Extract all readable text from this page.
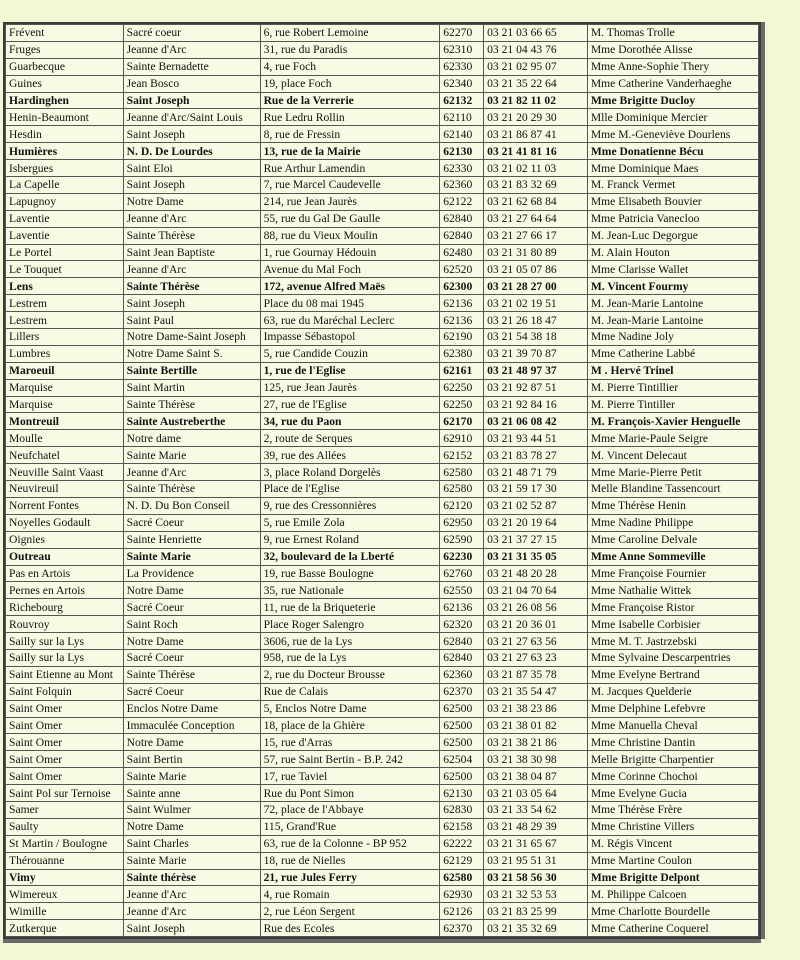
Frévent	Sacré coeur	6, rue Robert Lemoine	62270	03 21 03 66 65	M. Thomas Trolle
Fruges	Jeanne d'Arc	31, rue du Paradis	62310	03 21 04 43 76	Mme Dorothée Alisse
Guarbecque	Sainte Bernadette	4, rue Foch	62330	03 21 02 95 07	Mme Anne-Sophie Thery
Guines	Jean Bosco	19, place Foch	62340	03 21 35 22 64	Mme Catherine Vanderhaeghe
Hardinghen	Saint Joseph	Rue de la Verrerie	62132	03 21 82 11 02	Mme Brigitte Ducloy
Henin-Beaumont	Jeanne d'Arc/Saint Louis	Rue Ledru Rollin	62110	03 21 20 29 30	Mlle Dominique Mercier
Hesdin	Saint Joseph	8, rue de Fressin	62140	03 21 86 87 41	Mme M.-Geneviève Dourlens
Humières	N. D. De Lourdes	13, rue de la Mairie	62130	03 21 41 81 16	Mme Donatienne Bécu
Isbergues	Saint Eloi	Rue Arthur Lamendin	62330	03 21 02 11 03	Mme Dominique Maes
La Capelle	Saint Joseph	7, rue Marcel Caudevelle	62360	03 21 83 32 69	M. Franck Vermet
Lapugnoy	Notre Dame	214, rue Jean Jaurès	62122	03 21 62 68 84	Mme Elisabeth Bouvier
Laventie	Jeanne d'Arc	55, rue du Gal De Gaulle	62840	03 21 27 64 64	Mme Patricia Vanecloo
Laventie	Sainte Thérèse	88, rue du Vieux Moulin	62840	03 21 27 66 17	M. Jean-Luc Degorgue
Le Portel	Saint Jean Baptiste	1, rue Gournay Hédouin	62480	03 21 31 80 89	M. Alain Houton
Le Touquet	Jeanne d'Arc	Avenue du Mal Foch	62520	03 21 05 07 86	Mme Clarisse Wallet
Lens	Sainte Thérèse	172, avenue Alfred Maës	62300	03 21 28 27 00	M. Vincent Fourmy
Lestrem	Saint Joseph	Place du 08 mai 1945	62136	03 21 02 19 51	M. Jean-Marie Lantoine
Lestrem	Saint Paul	63, rue du Maréchal Leclerc	62136	03 21 26 18 47	M. Jean-Marie Lantoine
Lillers	Notre Dame-Saint Joseph	Impasse Sébastopol	62190	03 21 54 38 18	Mme Nadine Joly
Lumbres	Notre Dame Saint S.	5, rue Candide Couzin	62380	03 21 39 70 87	Mme Catherine Labbé
Maroeuil	Sainte Bertille	1, rue de l'Eglise	62161	03 21 48 97 37	M . Hervé Trinel
Marquise	Saint Martin	125, rue Jean Jaurès	62250	03 21 92 87 51	M. Pierre Tintillier
Marquise	Sainte Thérèse	27, rue de l'Eglise	62250	03 21 92 84 16	M. Pierre Tintiller
Montreuil	Sainte Austreberthe	34, rue du Paon	62170	03 21 06 08 42	M. François-Xavier Henguelle
Moulle	Notre dame	2, route de Serques	62910	03 21 93 44 51	Mme Marie-Paule Seigre
Neufchatel	Sainte Marie	39, rue des Allées	62152	03 21 83 78 27	M. Vincent Delecaut
Neuville Saint Vaast	Jeanne d'Arc	3, place Roland Dorgelès	62580	03 21 48 71 79	Mme Marie-Pierre Petit
Neuvireuil	Sainte Thérèse	Place de l'Eglise	62580	03 21 59 17 30	Melle Blandine Tassencourt
Norrent Fontes	N. D. Du Bon Conseil	9, rue des Cressonnières	62120	03 21 02 52 87	Mme Thérèse Henin
Noyelles Godault	Sacré Coeur	5, rue Emile Zola	62950	03 21 20 19 64	Mme Nadine Philippe
Oignies	Sainte Henriette	9, rue Ernest Roland	62590	03 21 37 27 15	Mme Caroline Delvale
Outreau	Sainte Marie	32, boulevard de la Lberté	62230	03 21 31 35 05	Mme Anne Sommeville
Pas en Artois	La Providence	19, rue Basse Boulogne	62760	03 21 48 20 28	Mme Françoise Fournier
Pernes en Artois	Notre Dame	35, rue Nationale	62550	03 21 04 70 64	Mme Nathalie Wittek
Richebourg	Sacré Coeur	11, rue de la Briqueterie	62136	03 21 26 08 56	Mme Françoise Ristor
Rouvroy	Saint Roch	Place Roger Salengro	62320	03 21 20 36 01	Mme Isabelle Corbisier
Sailly sur la Lys	Notre Dame	3606, rue de la Lys	62840	03 21 27 63 56	Mme M. T. Jastrzebski
Sailly sur la Lys	Sacré Coeur	958, rue de la Lys	62840	03 21 27 63 23	Mme Sylvaine Descarpentries
Saint Etienne au Mont	Sainte Thérèse	2, rue du Docteur Brousse	62360	03 21 87 35 78	Mme Evelyne Bertrand
Saint Folquin	Sacré Coeur	Rue de Calais	62370	03 21 35 54 47	M. Jacques Quelderie
Saint Omer	Enclos Notre Dame	5, Enclos Notre Dame	62500	03 21 38 23 86	Mme Delphine Lefebvre
Saint Omer	Immaculée Conception	18, place de la Ghière	62500	03 21 38 01 82	Mme Manuella Cheval
Saint Omer	Notre Dame	15, rue d'Arras	62500	03 21 38 21 86	Mme Christine Dantin
Saint Omer	Saint Bertin	57, rue Saint Bertin - B.P. 242	62504	03 21 38 30 98	Melle Brigitte Charpentier
Saint Omer	Sainte Marie	17, rue Taviel	62500	03 21 38 04 87	Mme Corinne Chochoi
Saint Pol sur Ternoise	Sainte anne	Rue du Pont Simon	62130	03 21 03 05 64	Mme Evelyne Gucia
Samer	Saint Wulmer	72, place de l'Abbaye	62830	03 21 33 54 62	Mme Thérèse Frère
Saulty	Notre Dame	115, Grand'Rue	62158	03 21 48 29 39	Mme Christine Villers
St Martin / Boulogne	Saint Charles	63, rue de la Colonne - BP 952	62222	03 21 31 65 67	M. Régis Vincent
Thérouanne	Sainte Marie	18, rue de Nielles	62129	03 21 95 51 31	Mme Martine Coulon
Vimy	Sainte thérèse	21, rue Jules Ferry	62580	03 21 58 56 30	Mme Brigitte Delpont
Wimereux	Jeanne d'Arc	4, rue Romain	62930	03 21 32 53 53	M. Philippe Calcoen
Wimille	Jeanne d'Arc	2, rue Léon Sergent	62126	03 21 83 25 99	Mme Charlotte Bourdelle
Zutkerque	Saint Joseph	Rue des Ecoles	62370	03 21 35 32 69	Mme Catherine Coquerel
